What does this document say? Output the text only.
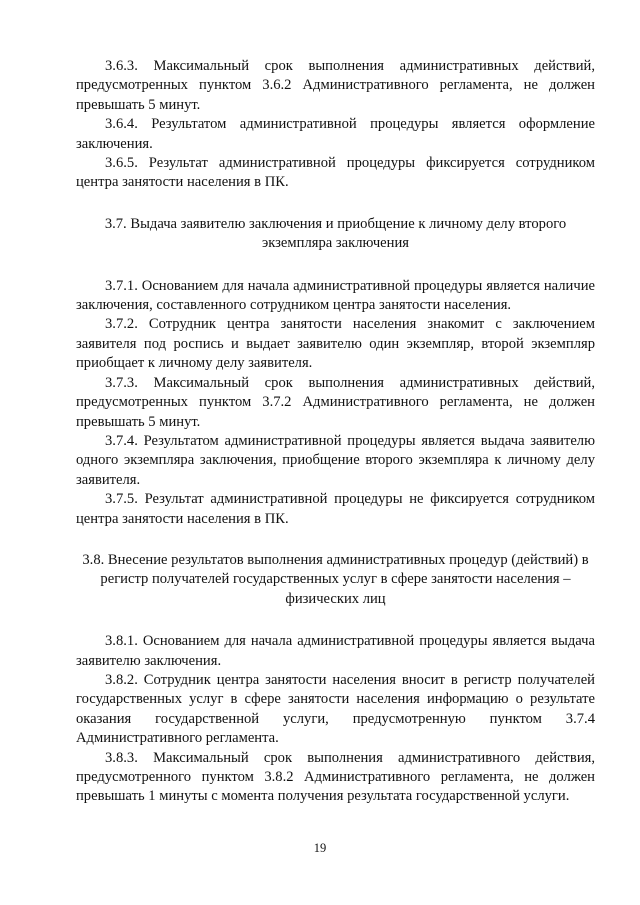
3.6.3. Максимальный срок выполнения административных действий, предусмотренных пунктом 3.6.2 Административного регламента, не должен превышать 5 минут.

3.6.4. Результатом административной процедуры является оформление заключения.

3.6.5. Результат административной процедуры фиксируется сотрудником центра занятости населения в ПК.

3.7. Выдача заявителю заключения и приобщение к личному делу второго экземпляра заключения

3.7.1. Основанием для начала административной процедуры является наличие заключения, составленного сотрудником центра занятости населения.

3.7.2. Сотрудник центра занятости населения знакомит с заключением заявителя под роспись и выдает заявителю один экземпляр, второй экземпляр приобщает к личному делу заявителя.

3.7.3. Максимальный срок выполнения административных действий, предусмотренных пунктом 3.7.2 Административного регламента, не должен превышать 5 минут.

3.7.4. Результатом административной процедуры является выдача заявителю одного экземпляра заключения, приобщение второго экземпляра к личному делу заявителя.

3.7.5. Результат административной процедуры не фиксируется сотрудником центра занятости населения в ПК.

3.8. Внесение результатов выполнения административных процедур (действий) в регистр получателей государственных услуг в сфере занятости населения – физических лиц

3.8.1. Основанием для начала административной процедуры является выдача заявителю заключения.

3.8.2. Сотрудник центра занятости населения вносит в регистр получателей государственных услуг в сфере занятости населения информацию о результате оказания государственной услуги, предусмотренную пунктом 3.7.4 Административного регламента.

3.8.3. Максимальный срок выполнения административного действия, предусмотренного пунктом 3.8.2 Административного регламента, не должен превышать 1 минуты с момента получения результата государственной услуги.

19
